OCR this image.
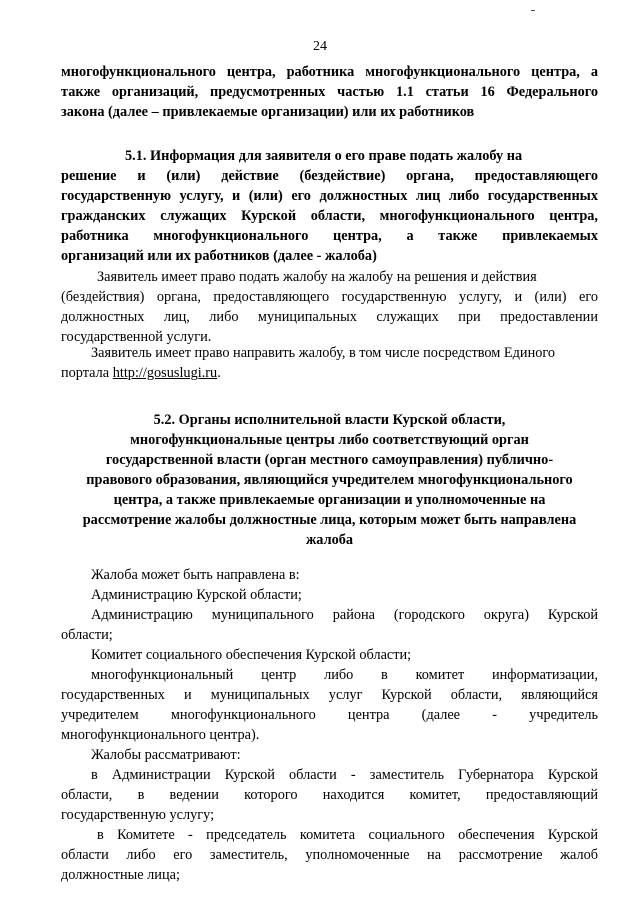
24
многофункционального центра, работника многофункционального центра, а
также организаций, предусмотренных частью 1.1 статьи 16 Федерального
закона (далее – привлекаемые организации) или их работников
5.1. Информация для заявителя о его праве подать жалобу на
решение и (или) действие (бездействие) органа, предоставляющего
государственную услугу, и (или) его должностных лиц либо государственных
гражданских служащих Курской области, многофункционального центра,
работника многофункционального центра, а также привлекаемых
организаций или их работников (далее - жалоба)
Заявитель имеет право подать жалобу на жалобу на решения и действия
(бездействия) органа, предоставляющего государственную услугу, и (или) его
должностных лиц, либо муниципальных служащих при предоставлении
государственной услуги.
Заявитель имеет право направить жалобу, в том числе посредством Единого
портала http://gosuslugi.ru.
5.2. Органы исполнительной власти Курской области,
многофункциональные центры либо соответствующий орган
государственной власти (орган местного самоуправления) публично-
правового образования, являющийся учредителем многофункционального
центра, а также привлекаемые организации и уполномоченные на
рассмотрение жалобы должностные лица, которым может быть направлена
жалоба
Жалоба может быть направлена в:
Администрацию Курской области;
Администрацию муниципального района (городского округа) Курской
области;
Комитет социального обеспечения Курской области;
многофункциональный центр либо в комитет информатизации,
государственных и муниципальных услуг Курской области, являющийся
учредителем многофункционального центра (далее - учредитель
многофункционального центра).
Жалобы рассматривают:
в Администрации Курской области - заместитель Губернатора Курской
области, в ведении которого находится комитет, предоставляющий
государственную услугу;
в Комитете - председатель комитета социального обеспечения Курской
области либо его заместитель, уполномоченные на рассмотрение жалоб
должностные лица;
